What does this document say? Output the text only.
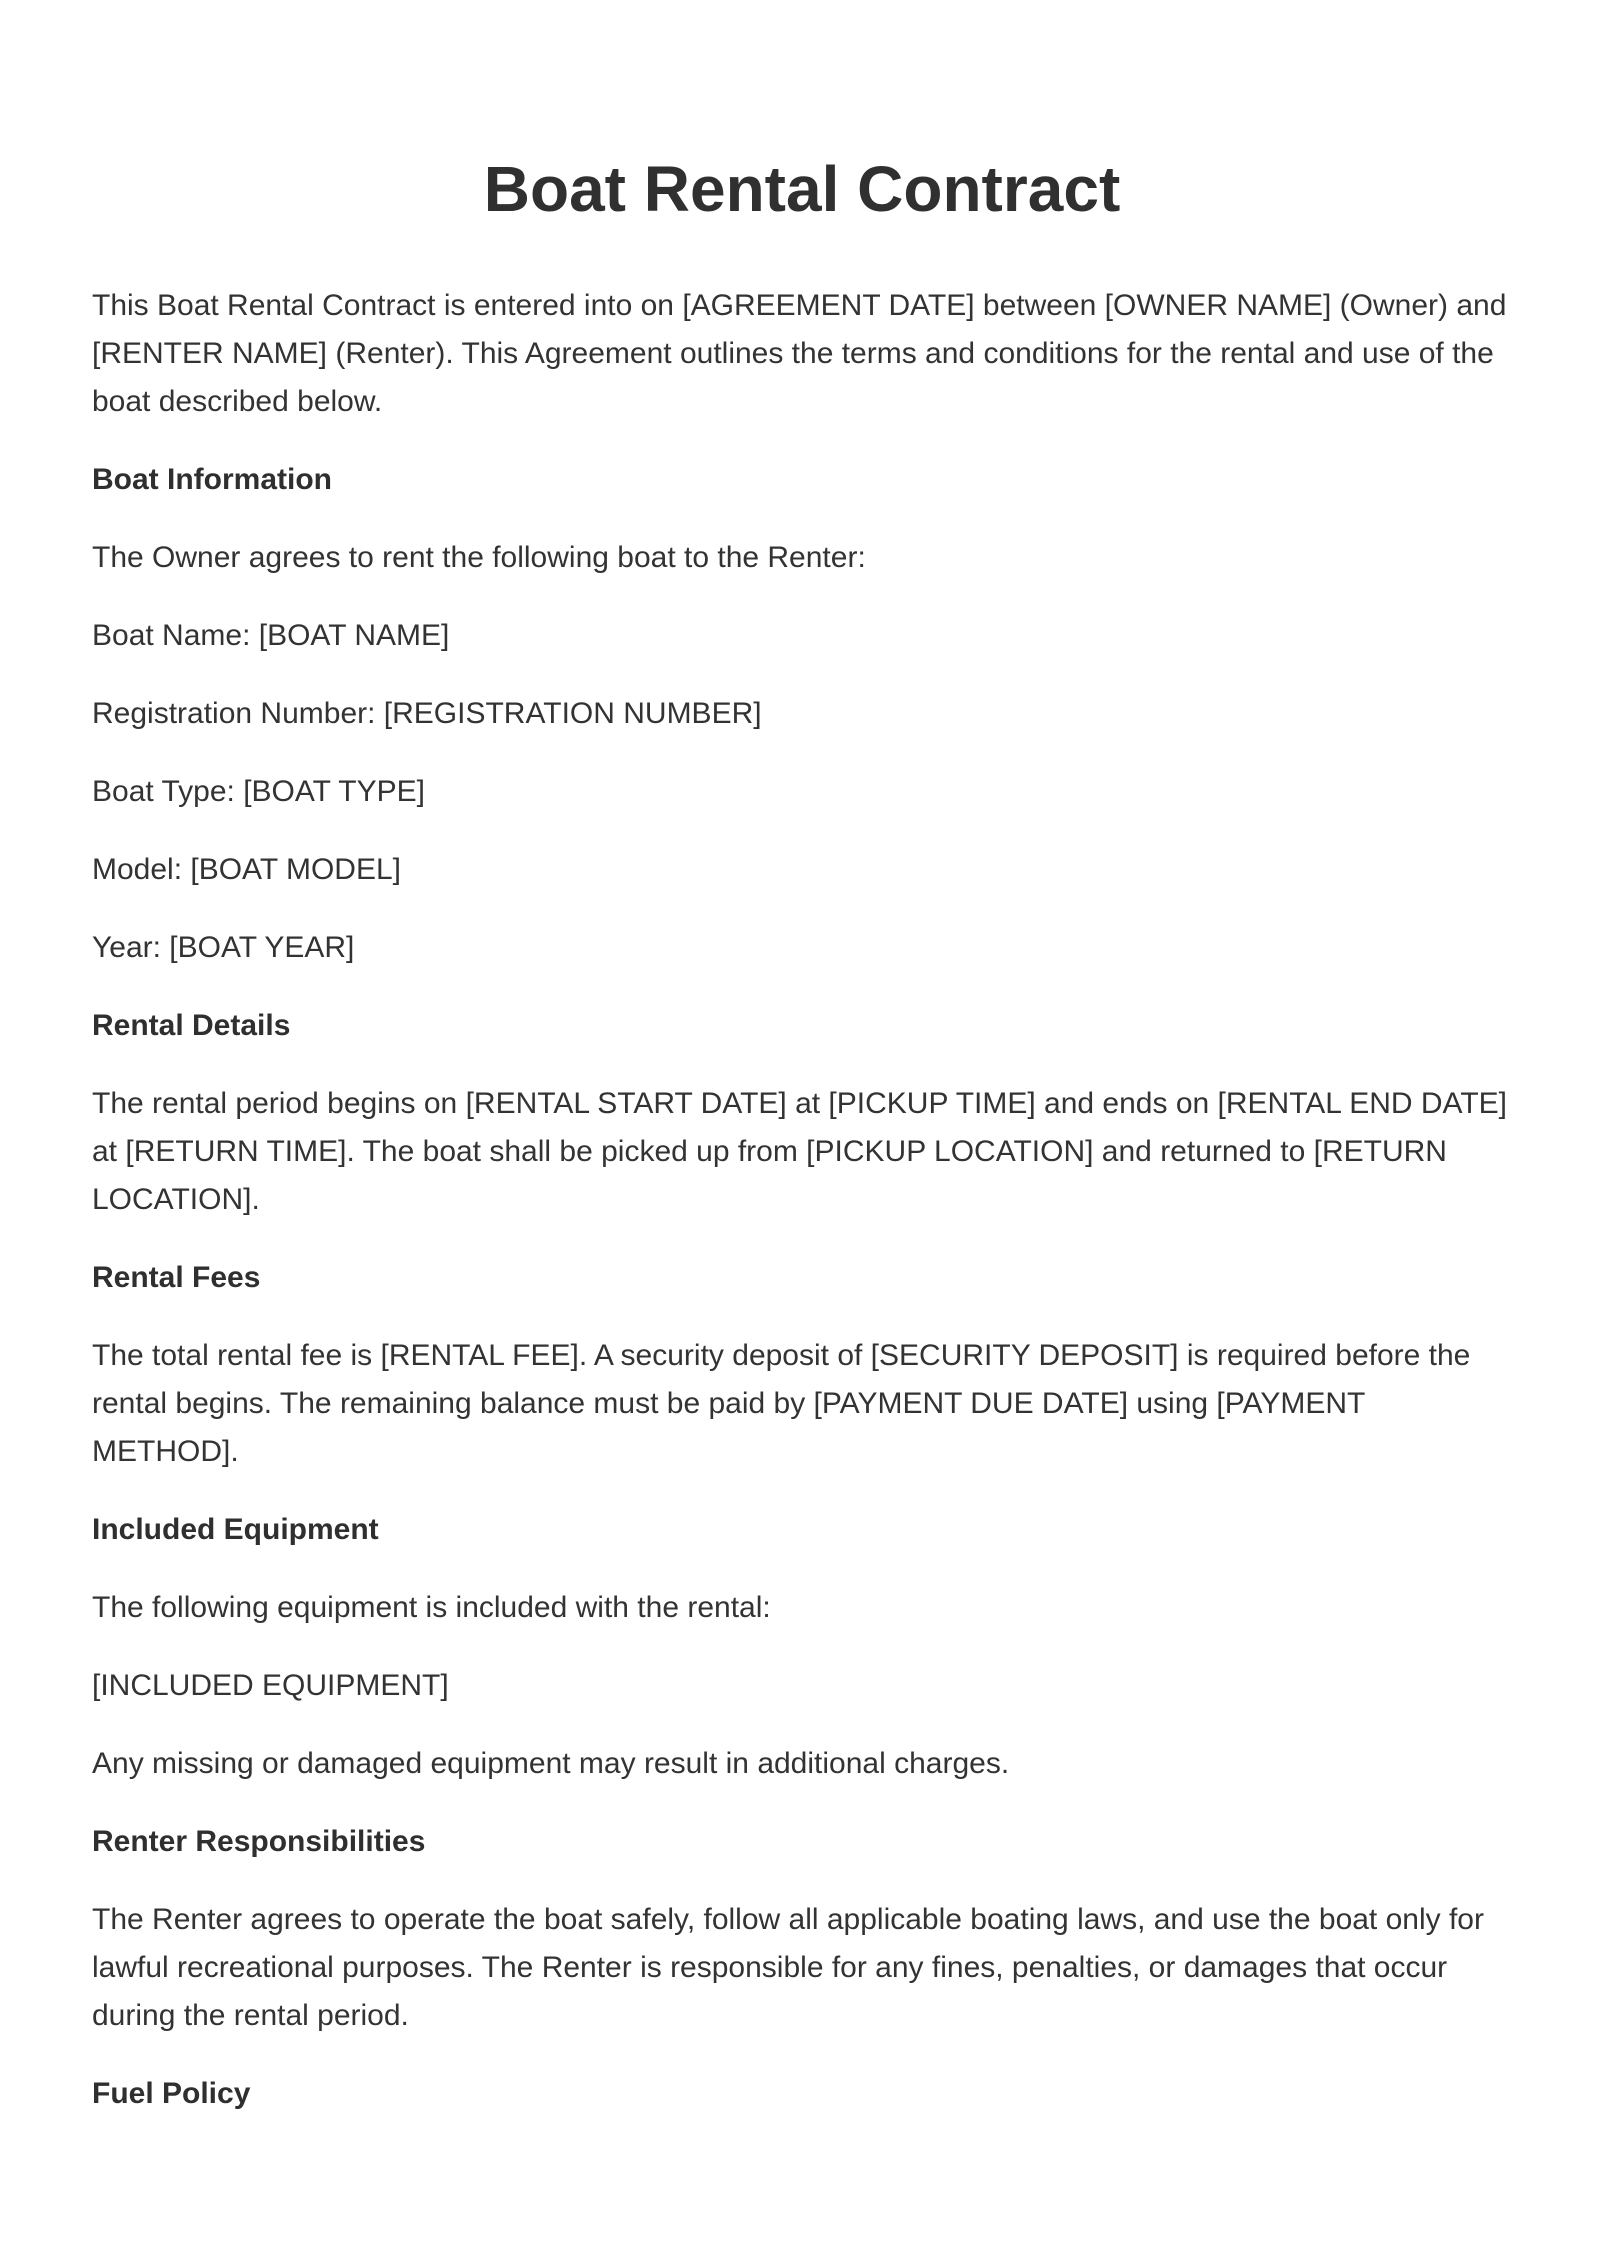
Boat Rental Contract

This Boat Rental Contract is entered into on [AGREEMENT DATE] between [OWNER NAME] (Owner) and [RENTER NAME] (Renter). This Agreement outlines the terms and conditions for the rental and use of the boat described below.

Boat Information

The Owner agrees to rent the following boat to the Renter:

Boat Name: [BOAT NAME]

Registration Number: [REGISTRATION NUMBER]

Boat Type: [BOAT TYPE]

Model: [BOAT MODEL]

Year: [BOAT YEAR]

Rental Details

The rental period begins on [RENTAL START DATE] at [PICKUP TIME] and ends on [RENTAL END DATE] at [RETURN TIME]. The boat shall be picked up from [PICKUP LOCATION] and returned to [RETURN LOCATION].

Rental Fees

The total rental fee is [RENTAL FEE]. A security deposit of [SECURITY DEPOSIT] is required before the rental begins. The remaining balance must be paid by [PAYMENT DUE DATE] using [PAYMENT METHOD].

Included Equipment

The following equipment is included with the rental:

[INCLUDED EQUIPMENT]

Any missing or damaged equipment may result in additional charges.

Renter Responsibilities

The Renter agrees to operate the boat safely, follow all applicable boating laws, and use the boat only for lawful recreational purposes. The Renter is responsible for any fines, penalties, or damages that occur during the rental period.

Fuel Policy
